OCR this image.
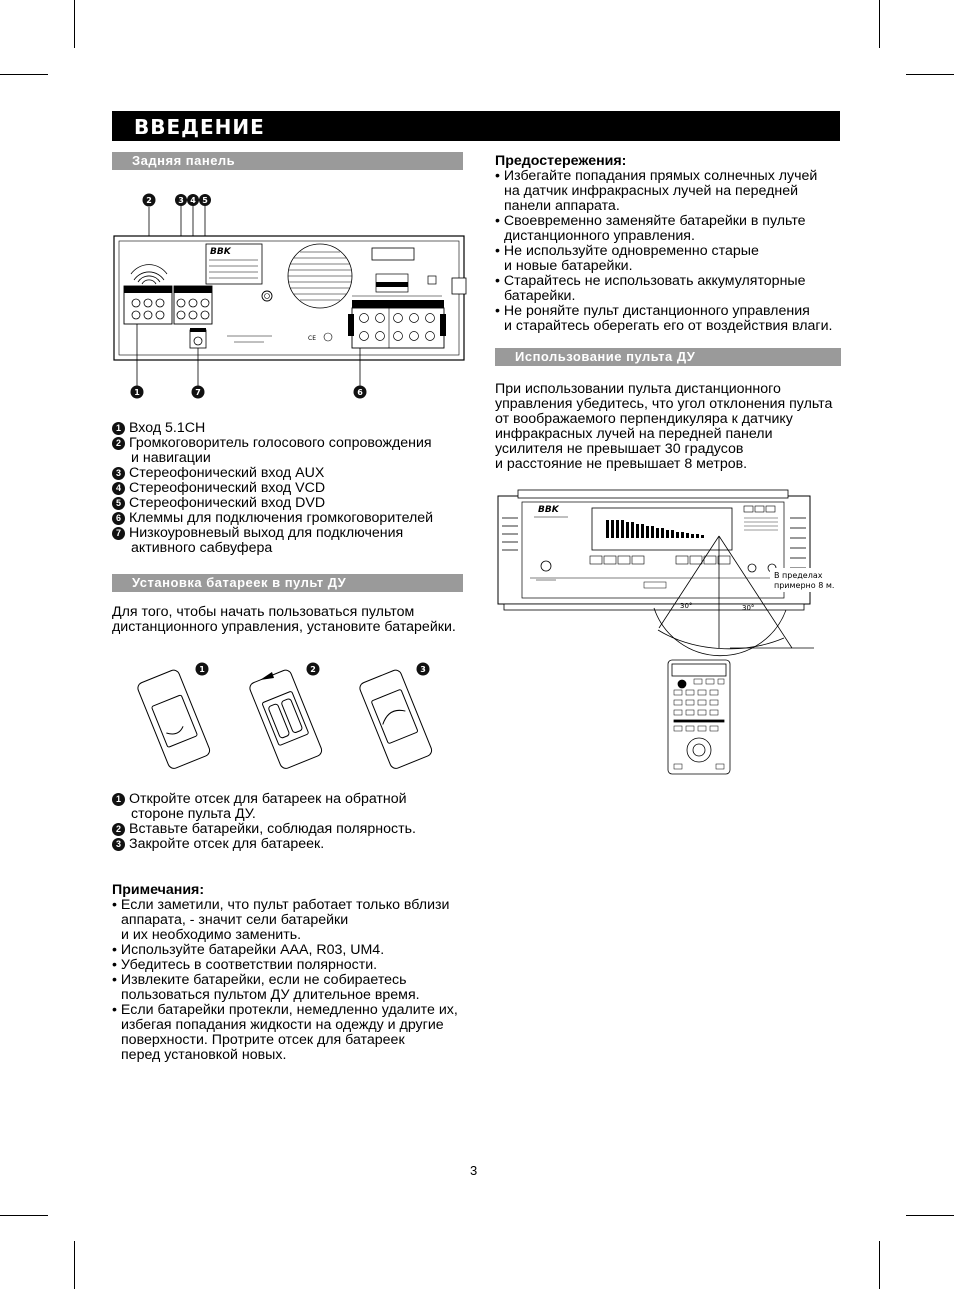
ВВЕДЕНИЕ
Задняя панель
2	3 4 5
BBK
CE
1	7	6
1 Вход 5.1CH
2 Громкоговоритель голосового сопровождения
и навигации
3 Стереофонический вход AUX
4 Стереофонический вход VCD
5 Стереофонический вход DVD
6 Клеммы для подключения громкоговорителей
7 Низкоуровневый выход для подключения
активного сабвуфера
Установка батареек в пульт ДУ
Для того, чтобы начать пользоваться пультом
дистанционного управления, установите батарейки.
1	2	3
1 Откройте отсек для батареек на обратной
стороне пульта ДУ.
2 Вставьте батарейки, соблюдая полярность.
3 Закройте отсек для батареек.
Примечания:
• Если заметили, что пульт работает только вблизи
аппарата, - значит сели батарейки
и их необходимо заменить.
• Используйте батарейки AAA, R03, UM4.
• Убедитесь в соответствии полярности.
• Извлеките батарейки, если не собираетесь
пользоваться пультом ДУ длительное время.
• Если батарейки протекли, немедленно удалите их,
избегая попадания жидкости на одежду и другие
поверхности. Протрите отсек для батареек
перед установкой новых.
Предостережения:
• Избегайте попадания прямых солнечных лучей
на датчик инфракрасных лучей на передней
панели аппарата.
• Своевременно заменяйте батарейки в пульте
дистанционного управления.
• Не используйте одновременно старые
и новые батарейки.
• Старайтесь не использовать аккумуляторные
батарейки.
• Не роняйте пульт дистанционного управления
и старайтесь оберегать его от воздействия влаги.
Использование пульта ДУ
При использовании пульта дистанционного
управления убедитесь, что угол отклонения пульта
от воображаемого перпендикуляра к датчику
инфракрасных лучей на передней панели
усилителя не превышает 30 градусов
и расстояние не превышает 8 метров.
BBK
30°	30°
В пределах
примерно 8 м.
3
